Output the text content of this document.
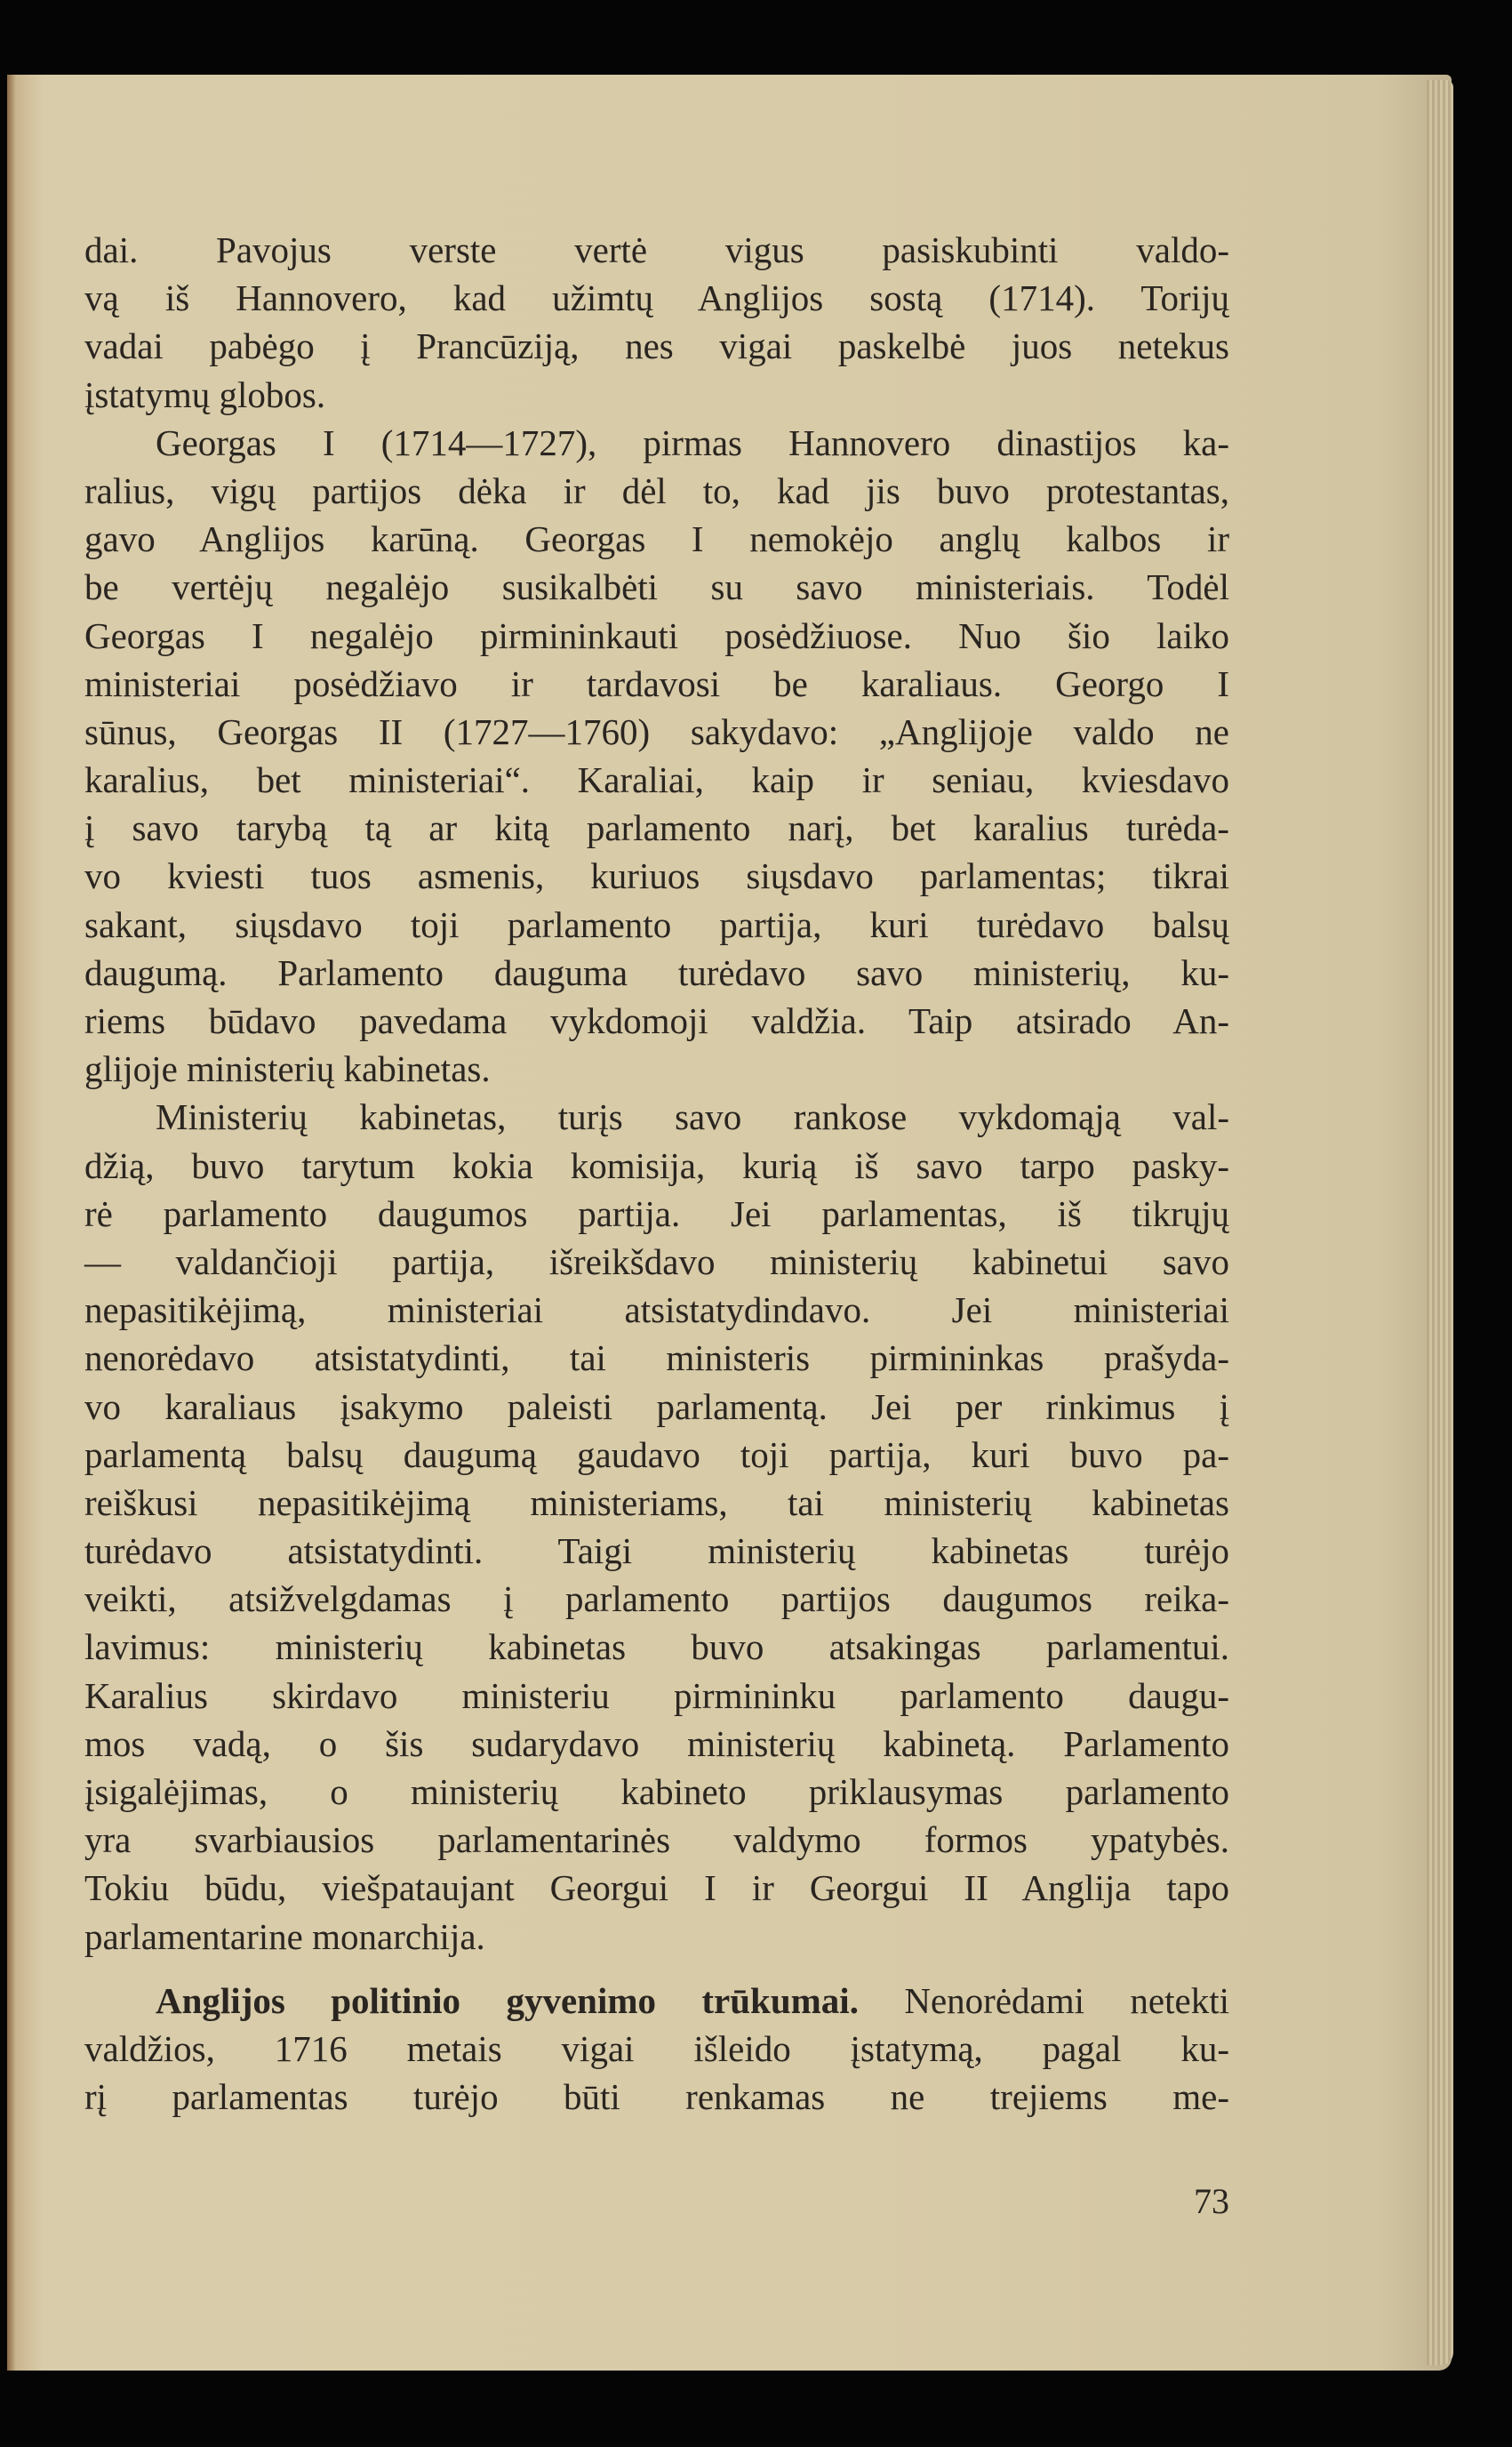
dai. Pavojus verste vertė vigus pasiskubinti valdo-
vą iš Hannovero, kad užimtų Anglijos sostą (1714). Torijų
vadai pabėgo į Prancūziją, nes vigai paskelbė juos netekus
įstatymų globos.
Georgas I (1714—1727), pirmas Hannovero dinastijos ka-
ralius, vigų partijos dėka ir dėl to, kad jis buvo protestantas,
gavo Anglijos karūną. Georgas I nemokėjo anglų kalbos ir
be vertėjų negalėjo susikalbėti su savo ministeriais. Todėl
Georgas I negalėjo pirmininkauti posėdžiuose. Nuo šio laiko
ministeriai posėdžiavo ir tardavosi be karaliaus. Georgo I
sūnus, Georgas II (1727—1760) sakydavo: „Anglijoje valdo ne
karalius, bet ministeriai“. Karaliai, kaip ir seniau, kviesdavo
į savo tarybą tą ar kitą parlamento narį, bet karalius turėda-
vo kviesti tuos asmenis, kuriuos siųsdavo parlamentas; tikrai
sakant, siųsdavo toji parlamento partija, kuri turėdavo balsų
daugumą. Parlamento dauguma turėdavo savo ministerių, ku-
riems būdavo pavedama vykdomoji valdžia. Taip atsirado An-
glijoje ministerių kabinetas.
Ministerių kabinetas, turįs savo rankose vykdomąją val-
džią, buvo tarytum kokia komisija, kurią iš savo tarpo pasky-
rė parlamento daugumos partija. Jei parlamentas, iš tikrųjų
— valdančioji partija, išreikšdavo ministerių kabinetui savo
nepasitikėjimą, ministeriai atsistatydindavo. Jei ministeriai
nenorėdavo atsistatydinti, tai ministeris pirmininkas prašyda-
vo karaliaus įsakymo paleisti parlamentą. Jei per rinkimus į
parlamentą balsų daugumą gaudavo toji partija, kuri buvo pa-
reiškusi nepasitikėjimą ministeriams, tai ministerių kabinetas
turėdavo atsistatydinti. Taigi ministerių kabinetas turėjo
veikti, atsižvelgdamas į parlamento partijos daugumos reika-
lavimus: ministerių kabinetas buvo atsakingas parlamentui.
Karalius skirdavo ministeriu pirmininku parlamento daugu-
mos vadą, o šis sudarydavo ministerių kabinetą. Parlamento
įsigalėjimas, o ministerių kabineto priklausymas parlamento
yra svarbiausios parlamentarinės valdymo formos ypatybės.
Tokiu būdu, viešpataujant Georgui I ir Georgui II Anglija tapo
parlamentarine monarchija.
Anglijos politinio gyvenimo trūkumai. Nenorėdami netekti
valdžios, 1716 metais vigai išleido įstatymą, pagal ku-
rį parlamentas turėjo būti renkamas ne trejiems me-
73
